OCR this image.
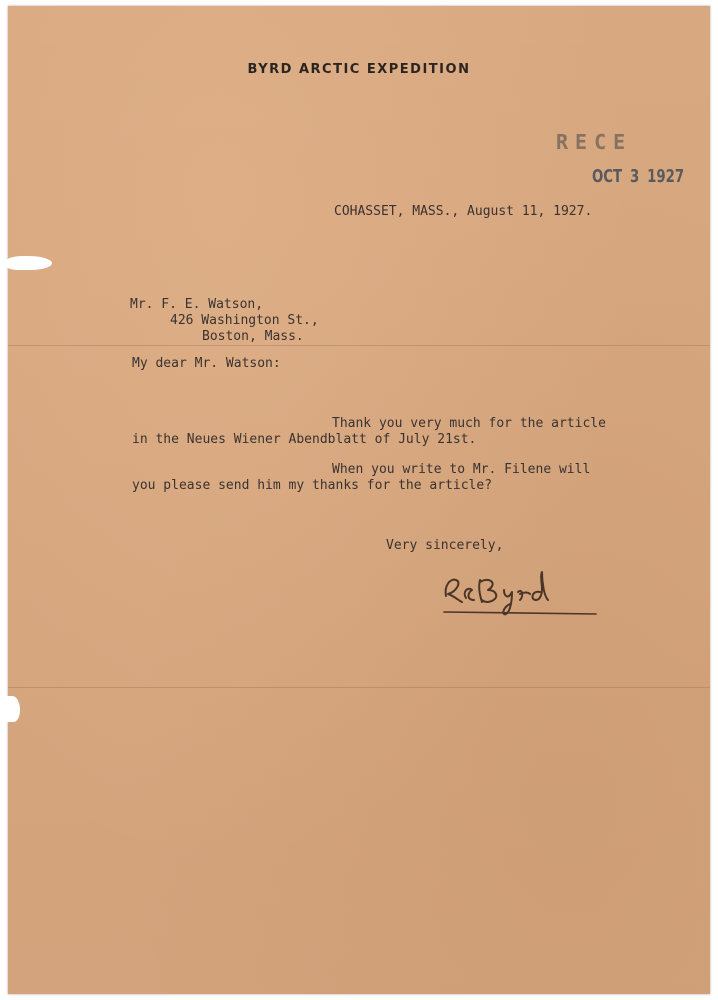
BYRD ARCTIC EXPEDITION
RECE
OCT 3 1927
COHASSET, MASS., August 11, 1927.
Mr. F. E. Watson,
426 Washington St.,
Boston, Mass.
My dear Mr. Watson:
Thank you very much for the article
in the Neues Wiener Abendblatt of July 21st.
When you write to Mr. Filene will
you please send him my thanks for the article?
Very sincerely,
